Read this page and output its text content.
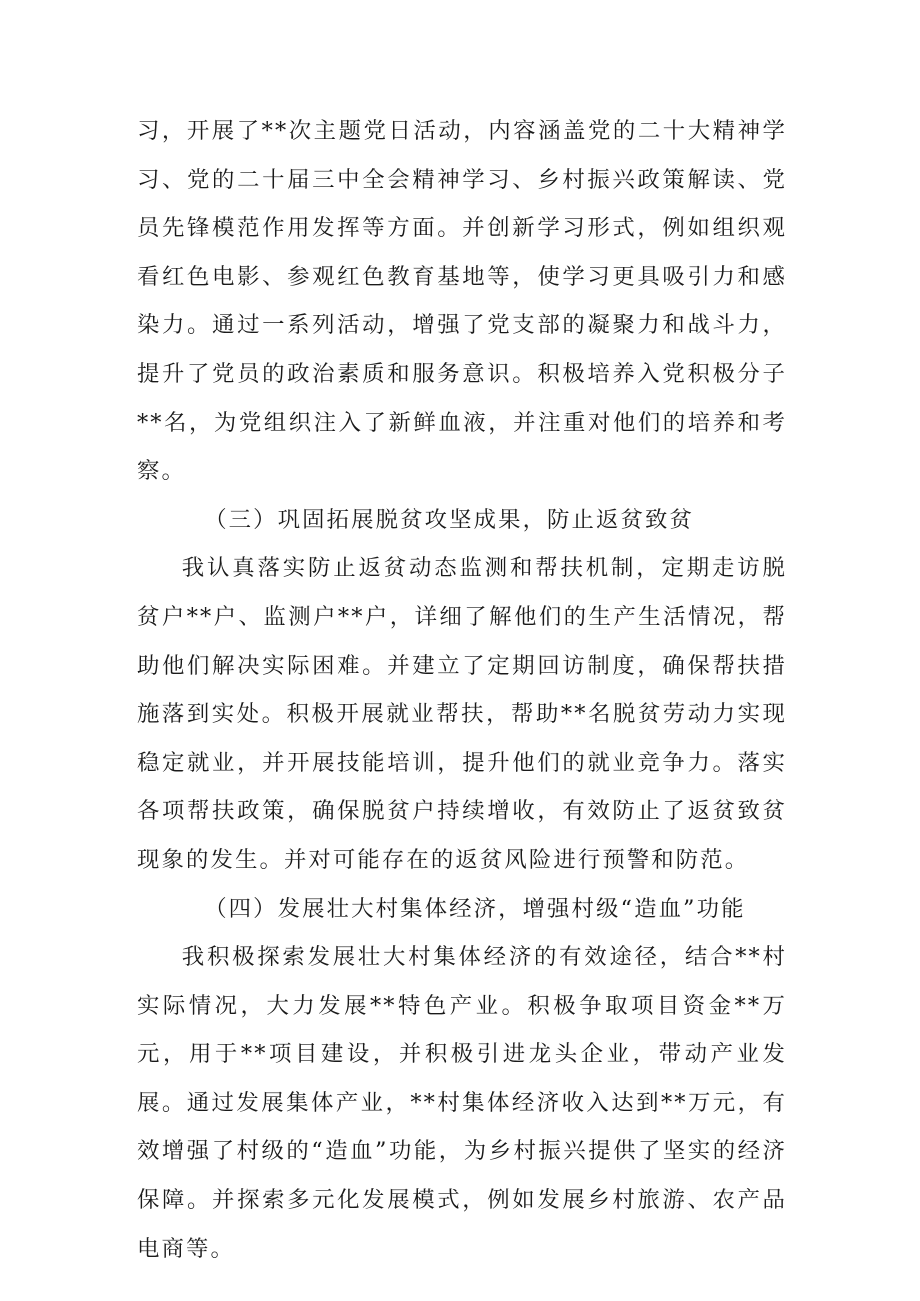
习，开展了**次主题党日活动，内容涵盖党的二十大精神学习、党的二十届三中全会精神学习、乡村振兴政策解读、党员先锋模范作用发挥等方面。并创新学习形式，例如组织观看红色电影、参观红色教育基地等，使学习更具吸引力和感染力。通过一系列活动，增强了党支部的凝聚力和战斗力，提升了党员的政治素质和服务意识。积极培养入党积极分子**名，为党组织注入了新鲜血液，并注重对他们的培养和考察。

（三）巩固拓展脱贫攻坚成果，防止返贫致贫

我认真落实防止返贫动态监测和帮扶机制，定期走访脱贫户**户、监测户**户，详细了解他们的生产生活情况，帮助他们解决实际困难。并建立了定期回访制度，确保帮扶措施落到实处。积极开展就业帮扶，帮助**名脱贫劳动力实现稳定就业，并开展技能培训，提升他们的就业竞争力。落实各项帮扶政策，确保脱贫户持续增收，有效防止了返贫致贫现象的发生。并对可能存在的返贫风险进行预警和防范。

（四）发展壮大村集体经济，增强村级“造血”功能

我积极探索发展壮大村集体经济的有效途径，结合**村实际情况，大力发展**特色产业。积极争取项目资金**万元，用于**项目建设，并积极引进龙头企业，带动产业发展。通过发展集体产业，**村集体经济收入达到**万元，有效增强了村级的“造血”功能，为乡村振兴提供了坚实的经济保障。并探索多元化发展模式，例如发展乡村旅游、农产品电商等。
